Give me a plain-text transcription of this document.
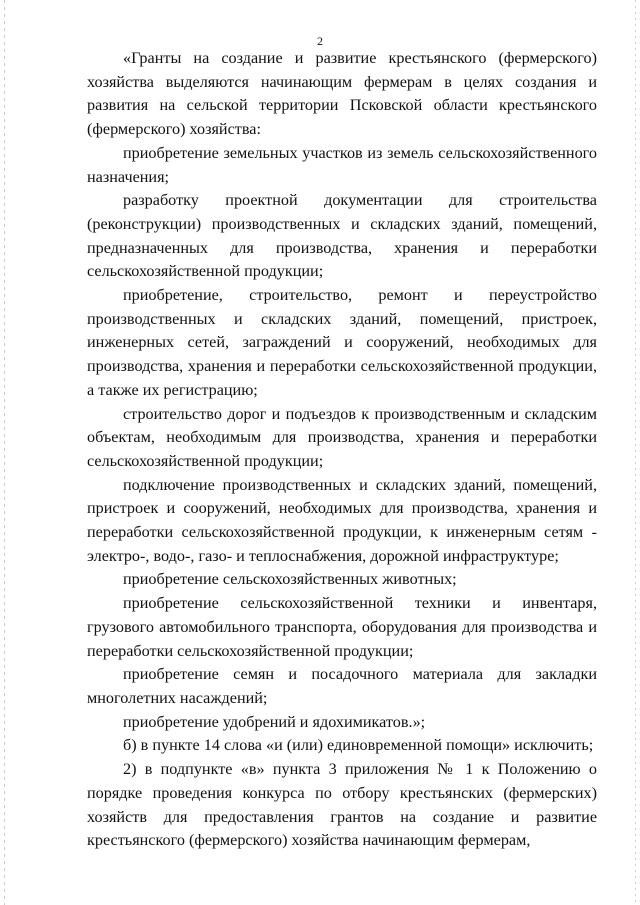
2

«Гранты на создание и развитие крестьянского (фермерского) хозяйства выделяются начинающим фермерам в целях создания и развития на сельской территории Псковской области крестьянского (фермерского) хозяйства:

приобретение земельных участков из земель сельскохозяйственного назначения;

разработку проектной документации для строительства (реконструкции) производственных и складских зданий, помещений, предназначенных для производства, хранения и переработки сельскохозяйственной продукции;

приобретение, строительство, ремонт и переустройство производственных и складских зданий, помещений, пристроек, инженерных сетей, заграждений и сооружений, необходимых для производства, хранения и переработки сельскохозяйственной продукции, а также их регистрацию;

строительство дорог и подъездов к производственным и складским объектам, необходимым для производства, хранения и переработки сельскохозяйственной продукции;

подключение производственных и складских зданий, помещений, пристроек и сооружений, необходимых для производства, хранения и переработки сельскохозяйственной продукции, к инженерным сетям - электро-, водо-, газо- и теплоснабжения, дорожной инфраструктуре;

приобретение сельскохозяйственных животных;

приобретение сельскохозяйственной техники и инвентаря, грузового автомобильного транспорта, оборудования для производства и переработки сельскохозяйственной продукции;

приобретение семян и посадочного материала для закладки многолетних насаждений;

приобретение удобрений и ядохимикатов.»;

б) в пункте 14 слова «и (или) единовременной помощи» исключить;

2) в подпункте «в» пункта 3 приложения № 1 к Положению о порядке проведения конкурса по отбору крестьянских (фермерских) хозяйств для предоставления грантов на создание и развитие крестьянского (фермерского) хозяйства начинающим фермерам,
